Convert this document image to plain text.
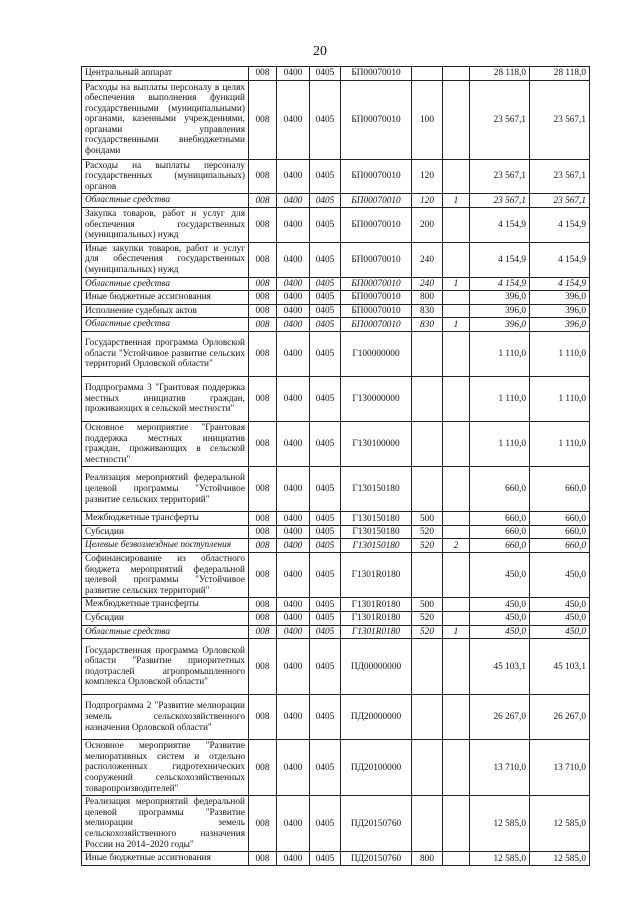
20
Центральный аппарат	008	0400	0405	БП00070010			28 118,0	28 118,0
Расходы на выплаты персоналу в целях обеспечения выполнения функций государственными (муниципальными) органами, казенными учреждениями, органами управления государственными внебюджетными фондами	008	0400	0405	БП00070010	100		23 567,1	23 567,1
Расходы на выплаты персоналу государственных (муниципальных) органов	008	0400	0405	БП00070010	120		23 567,1	23 567,1
Областные средства	008	0400	0405	БП00070010	120	1	23 567,1	23 567,1
Закупка товаров, работ и услуг для обеспечения государственных (муниципальных) нужд	008	0400	0405	БП00070010	200		4 154,9	4 154,9
Иные закупки товаров, работ и услуг для обеспечения государственных (муниципальных) нужд	008	0400	0405	БП00070010	240		4 154,9	4 154,9
Областные средства	008	0400	0405	БП00070010	240	1	4 154,9	4 154,9
Иные бюджетные ассигнования	008	0400	0405	БП00070010	800		396,0	396,0
Исполнение судебных актов	008	0400	0405	БП00070010	830		396,0	396,0
Областные средства	008	0400	0405	БП00070010	830	1	396,0	396,0
Государственная программа Орловской области "Устойчивое развитие сельских территорий Орловской области"	008	0400	0405	Г100000000			1 110,0	1 110,0
Подпрограмма 3 "Грантовая поддержка местных инициатив граждан, проживающих в сельской местности"	008	0400	0405	Г130000000			1 110,0	1 110,0
Основное мероприятие "Грантовая поддержка местных инициатив граждан, проживающих в сельской местности"	008	0400	0405	Г130100000			1 110,0	1 110,0
Реализация мероприятий федеральной целевой программы "Устойчивое развитие сельских территорий"	008	0400	0405	Г130150180			660,0	660,0
Межбюджетные трансферты	008	0400	0405	Г130150180	500		660,0	660,0
Субсидии	008	0400	0405	Г130150180	520		660,0	660,0
Целевые безвозмездные поступления	008	0400	0405	Г130150180	520	2	660,0	660,0
Софинансирование из областного бюджета мероприятий федеральной целевой программы "Устойчивое развитие сельских территорий"	008	0400	0405	Г1301R0180			450,0	450,0
Межбюджетные трансферты	008	0400	0405	Г1301R0180	500		450,0	450,0
Субсидии	008	0400	0405	Г1301R0180	520		450,0	450,0
Областные средства	008	0400	0405	Г1301R0180	520	1	450,0	450,0
Государственная программа Орловской области "Развитие приоритетных подотраслей агропромышленного комплекса Орловской области"	008	0400	0405	ПД00000000			45 103,1	45 103,1
Подпрограмма 2 "Развитие мелиорации земель сельскохозяйственного назначения Орловской области"	008	0400	0405	ПД20000000			26 267,0	26 267,0
Основное мероприятие "Развитие мелиоративных систем и отдельно расположенных гидротехнических сооружений сельскохозяйственных товаропроизводителей"	008	0400	0405	ПД20100000			13 710,0	13 710,0
Реализация мероприятий федеральной целевой программы "Развитие мелиорации земель сельскохозяйственного назначения России на 2014–2020 годы"	008	0400	0405	ПД20150760			12 585,0	12 585,0
Иные бюджетные ассигнования	008	0400	0405	ПД20150760	800		12 585,0	12 585,0
